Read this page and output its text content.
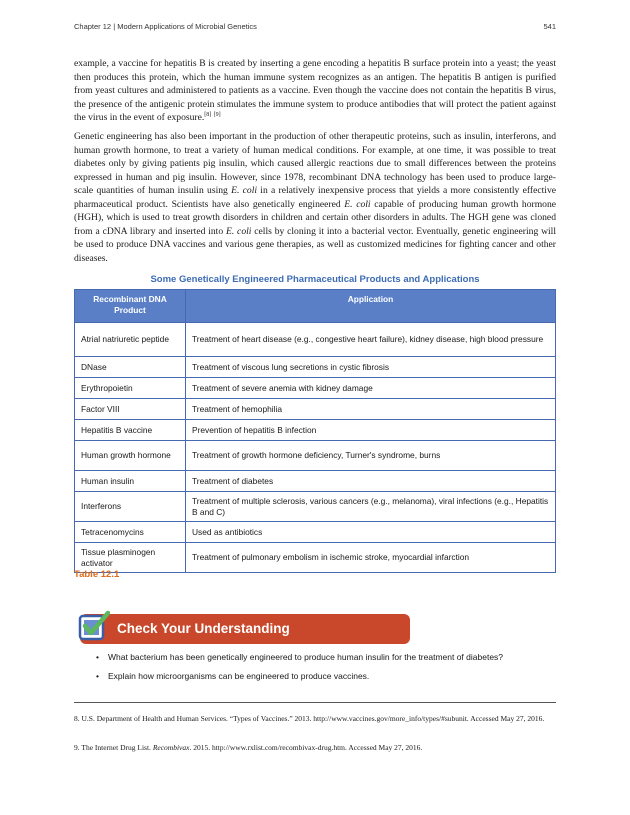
Chapter 12 | Modern Applications of Microbial Genetics	541

example, a vaccine for hepatitis B is created by inserting a gene encoding a hepatitis B surface protein into a yeast; the yeast then produces this protein, which the human immune system recognizes as an antigen. The hepatitis B antigen is purified from yeast cultures and administered to patients as a vaccine. Even though the vaccine does not contain the hepatitis B virus, the presence of the antigenic protein stimulates the immune system to produce antibodies that will protect the patient against the virus in the event of exposure.[8] [9]

Genetic engineering has also been important in the production of other therapeutic proteins, such as insulin, interferons, and human growth hormone, to treat a variety of human medical conditions. For example, at one time, it was possible to treat diabetes only by giving patients pig insulin, which caused allergic reactions due to small differences between the proteins expressed in human and pig insulin. However, since 1978, recombinant DNA technology has been used to produce large-scale quantities of human insulin using E. coli in a relatively inexpensive process that yields a more consistently effective pharmaceutical product. Scientists have also genetically engineered E. coli capable of producing human growth hormone (HGH), which is used to treat growth disorders in children and certain other disorders in adults. The HGH gene was cloned from a cDNA library and inserted into E. coli cells by cloning it into a bacterial vector. Eventually, genetic engineering will be used to produce DNA vaccines and various gene therapies, as well as customized medicines for fighting cancer and other diseases.

Some Genetically Engineered Pharmaceutical Products and Applications
Recombinant DNA Product	Application
Atrial natriuretic peptide	Treatment of heart disease (e.g., congestive heart failure), kidney disease, high blood pressure
DNase	Treatment of viscous lung secretions in cystic fibrosis
Erythropoietin	Treatment of severe anemia with kidney damage
Factor VIII	Treatment of hemophilia
Hepatitis B vaccine	Prevention of hepatitis B infection
Human growth hormone	Treatment of growth hormone deficiency, Turner's syndrome, burns
Human insulin	Treatment of diabetes
Interferons	Treatment of multiple sclerosis, various cancers (e.g., melanoma), viral infections (e.g., Hepatitis B and C)
Tetracenomycins	Used as antibiotics
Tissue plasminogen activator	Treatment of pulmonary embolism in ischemic stroke, myocardial infarction
Table 12.1
Check Your Understanding
• What bacterium has been genetically engineered to produce human insulin for the treatment of diabetes?
• Explain how microorganisms can be engineered to produce vaccines.

8. U.S. Department of Health and Human Services. “Types of Vaccines.” 2013. http://www.vaccines.gov/more_info/types/#subunit. Accessed May 27, 2016.

9. The Internet Drug List. Recombivax. 2015. http://www.rxlist.com/recombivax-drug.htm. Accessed May 27, 2016.
